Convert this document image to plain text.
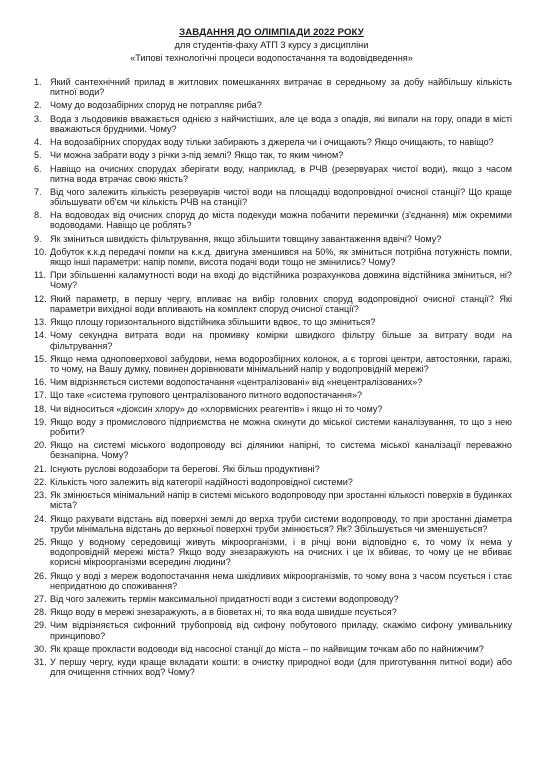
ЗАВДАННЯ ДО ОЛІМПІАДИ 2022 РОКУ
для студентів-фаху АТП 3 курсу з дисципліни
«Типові технологічні процеси водопостачання та водовідведення»
1. Який сантехнічний прилад в житлових помешканнях витрачає в середньому за добу найбільшу кількість питної води?
2. Чому до водозабірних споруд не потрапляє риба?
3. Вода з льодовиків вважається однією з найчистіших, але це вода з опадів, які випали на гору, опади в місті вважаються брудними. Чому?
4. На водозабірних спорудах воду тільки забирають з джерела чи і очищають? Якщо очищають, то навіщо?
5. Чи можна забрати воду з річки з-під землі? Якщо так, то яким чином?
6. Навіщо на очисних спорудах зберігати воду, наприклад, в РЧВ (резервуарах чистої води), якщо з часом питна вода втрачає свою якість?
7. Від чого залежить кількість резервуарів чистої води на площадці водопровідної очисної станції? Що краще збільшувати об'єм чи кількість РЧВ на станції?
8. На водоводах від очисних споруд до міста подекуди можна побачити перемички (з'єднання) між окремими водоводами. Навіщо це роблять?
9. Як зміниться швидкість фільтрування, якщо збільшити товщину завантаження вдвічі? Чому?
10. Добуток к.к.д передачі помпи на к.к.д. двигуна зменшився на 50%, як зміниться потрібна потужність помпи, якщо інші параметри: напір помпи, висота подачі води тощо не змінились? Чому?
11. При збільшенні каламутності води на вході до відстійника розрахункова довжина відстійника зміниться, ні? Чому?
12. Який параметр, в першу чергу, впливає на вибір головних споруд водопровідної очисної станції? Які параметри вихідної води впливають на комплект споруд очисної станції?
13. Якщо площу горизонтального відстійника збільшити вдвоє, то що зміниться?
14. Чому секундна витрата води на промивку комірки швидкого фільтру більше за витрату води на фільтрування?
15. Якщо нема одноповерхової забудови, нема водорозбірних колонок, а є торгові центри, автостоянки, гаражі, то чому, на Вашу думку, повинен дорівнювати мінімальний напір у водопровідній мережі?
16. Чим відрізняється системи водопостачання «централізовані» від «нецентралізованих»?
17. Що таке «система групового централізованого питного водопостачання»?
18. Чи відноситься «діоксин хлору» до «хлорвмісних реагентів» і якщо ні то чому?
19. Якщо воду з промислового підприємства не можна скинути до міської системи каналізування, то що з нею робити?
20. Якщо на системі міського водопроводу всі діляники напірні, то система міської каналізації переважно безнапірна. Чому?
21. Існують руслові водозабори та берегові. Які більш продуктивні?
22. Кількість чого залежить від категорії надійності водопровідної системи?
23. Як змінюється мінімальний напір в системі міського водопроводу при зростанні кількості поверхів в будинках міста?
24. Якщо рахувати відстань від поверхні землі до верха труби системи водопроводу, то при зростанні діаметра труби мінімальна відстань до верхньої поверхні труби змінюється? Як? Збільшується чи зменшується?
25. Якщо у водному середовищі живуть мікроорганізми, і в річці вони відповідно є, то чому їх нема у водопровідній мережі міста? Якщо воду знезаражують на очисних і це їх вбиває, то чому це не вбиває корисні мікроорганізми всередині людини?
26. Якщо у воді з мереж водопостачання нема шкідливих мікроорганізмів, то чому вона з часом псується і стає непридатною до споживання?
27. Від чого залежить термін максимальної придатності води з системи водопроводу?
28. Якщо воду в мережі знезаражують, а в біоветах ні, то яка вода швидше псується?
29. Чим відрізняється сифонний трубопровід від сифону побутового приладу, скажімо сифону умивальнику принципово?
30. Як краще прокласти водоводи від насосної станції до міста – по найвищим точкам або по найнижчим?
31. У першу чергу, куди краще вкладати кошти: в очистку природної води (для приготування питної води) або для очищення стічних вод? Чому?
